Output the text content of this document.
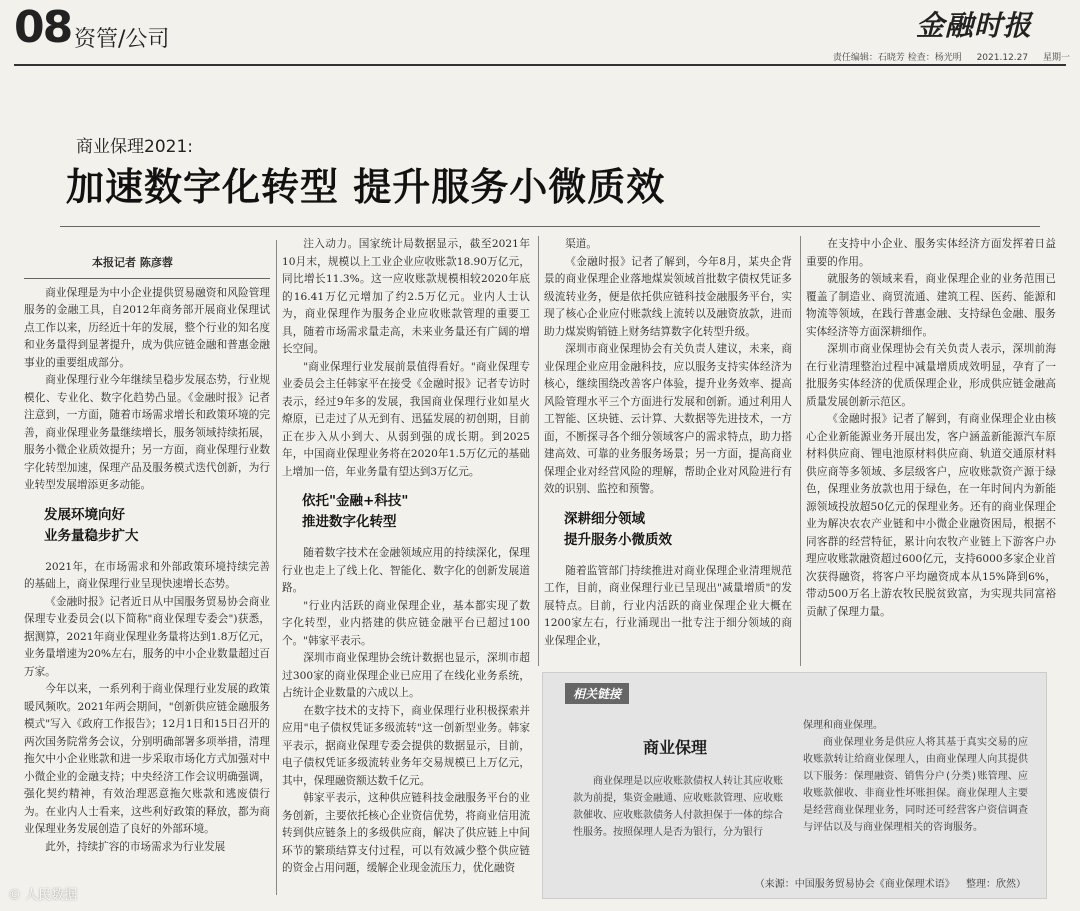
08 资管/公司	金融时报
责任编辑：石晓芳 检查：杨光明 2021.12.27 星期一
商业保理2021:
加速数字化转型 提升服务小微质效

本报记者 陈彦蓉

商业保理是为中小企业提供贸易融资和风险管理服务的金融工具，自2012年商务部开展商业保理试点工作以来，历经近十年的发展，整个行业的知名度和业务量得到显著提升，成为供应链金融和普惠金融事业的重要组成部分。

商业保理行业今年继续呈稳步发展态势，行业规模化、专业化、数字化趋势凸显。《金融时报》记者注意到，一方面，随着市场需求增长和政策环境的完善，商业保理业务量继续增长，服务领域持续拓展，服务小微企业质效提升；另一方面，商业保理行业数字化转型加速，保理产品及服务模式迭代创新，为行业转型发展增添更多动能。

发展环境向好
业务量稳步扩大

2021年，在市场需求和外部政策环境持续完善的基础上，商业保理行业呈现快速增长态势。

《金融时报》记者近日从中国服务贸易协会商业保理专业委员会(以下简称"商业保理专委会")获悉，据测算，2021年商业保理业务量将达到1.8万亿元，业务量增速为20%左右，服务的中小企业数量超过百万家。

今年以来，一系列利于商业保理行业发展的政策暖风频吹。2021年两会期间，"创新供应链金融服务模式"写入《政府工作报告》；12月1日和15日召开的两次国务院常务会议，分别明确部署多项举措，清理拖欠中小企业账款和进一步采取市场化方式加强对中小微企业的金融支持；中央经济工作会议明确强调，强化契约精神，有效治理恶意拖欠账款和逃废债行为。在业内人士看来，这些利好政策的释放，都为商业保理业务发展创造了良好的外部环境。

此外，持续扩容的市场需求为行业发展

注入动力。国家统计局数据显示，截至2021年10月末，规模以上工业企业应收账款18.90万亿元，同比增长11.3%。这一应收账款规模相较2020年底的16.41万亿元增加了约2.5万亿元。业内人士认为，商业保理作为服务企业应收账款管理的重要工具，随着市场需求量走高，未来业务量还有广阔的增长空间。

"商业保理行业发展前景值得看好。"商业保理专业委员会主任韩家平在接受《金融时报》记者专访时表示，经过9年多的发展，我国商业保理行业如星火燎原，已走过了从无到有、迅猛发展的初创期，目前正在步入从小到大、从弱到强的成长期。到2025年，中国商业保理业务将在2020年1.5万亿元的基础上增加一倍，年业务量有望达到3万亿元。

依托"金融+科技"
推进数字化转型

随着数字技术在金融领域应用的持续深化，保理行业也走上了线上化、智能化、数字化的创新发展道路。

"行业内活跃的商业保理企业，基本都实现了数字化转型，业内搭建的供应链金融平台已超过100个。"韩家平表示。

深圳市商业保理协会统计数据也显示，深圳市超过300家的商业保理企业已应用了在线化业务系统，占统计企业数量的六成以上。

在数字技术的支持下，商业保理行业积极探索并应用"电子债权凭证多级流转"这一创新型业务。韩家平表示，据商业保理专委会提供的数据显示，目前，电子债权凭证多级流转业务年交易规模已上万亿元，其中，保理融资额达数千亿元。

韩家平表示，这种供应链科技金融服务平台的业务创新，主要依托核心企业资信优势，将商业信用流转到供应链条上的多级供应商，解决了供应链上中间环节的繁琐结算支付过程，可以有效减少整个供应链的资金占用问题，缓解企业现金流压力，优化融资

渠道。

《金融时报》记者了解到，今年8月，某央企背景的商业保理企业落地煤炭领域首批数字债权凭证多级流转业务，便是依托供应链科技金融服务平台，实现了核心企业应付账款线上流转以及融资放款，进而助力煤炭购销链上财务结算数字化转型升级。

深圳市商业保理协会有关负责人建议，未来，商业保理企业应用金融科技，应以服务支持实体经济为核心，继续围绕改善客户体验，提升业务效率、提高风险管理水平三个方面进行发展和创新。通过利用人工智能、区块链、云计算、大数据等先进技术，一方面，不断探寻各个细分领域客户的需求特点，助力搭建高效、可靠的业务服务场景；另一方面，提高商业保理企业对经营风险的理解，帮助企业对风险进行有效的识别、监控和预警。

深耕细分领域
提升服务小微质效

随着监管部门持续推进对商业保理企业清理规范工作，目前，商业保理行业已呈现出"减量增质"的发展特点。目前，行业内活跃的商业保理企业大概在1200家左右，行业涌现出一批专注于细分领域的商业保理企业，

在支持中小企业、服务实体经济方面发挥着日益重要的作用。

就服务的领域来看，商业保理企业的业务范围已覆盖了制造业、商贸流通、建筑工程、医药、能源和物流等领域，在践行普惠金融、支持绿色金融、服务实体经济等方面深耕细作。

深圳市商业保理协会有关负责人表示，深圳前海在行业清理整治过程中减量增质成效明显，孕育了一批服务实体经济的优质保理企业，形成供应链金融高质量发展创新示范区。

《金融时报》记者了解到，有商业保理企业由核心企业新能源业务开展出发，客户涵盖新能源汽车原材料供应商、锂电池原材料供应商、轨道交通原材料供应商等多领域、多层级客户，应收账款资产源于绿色，保理业务放款也用于绿色，在一年时间内为新能源领域投放超50亿元的保理业务。还有的商业保理企业为解决农农产业链和中小微企业融资困局，根据不同客群的经营特征，累计向农牧产业链上下游客户办理应收账款融资超过600亿元，支持6000多家企业首次获得融资，将客户平均融资成本从15%降到6%，带动500万名上游农牧民脱贫致富，为实现共同富裕贡献了保理力量。

相关链接
商业保理

商业保理是以应收账款债权人转让其应收账款为前提，集资金融通、应收账款管理、应收账款催收、应收账款债务人付款担保于一体的综合性服务。按照保理人是否为银行，分为银行

保理和商业保理。

商业保理业务是供应人将其基于真实交易的应收账款转让给商业保理人，由商业保理人向其提供以下服务：保理融资、销售分户(分类)账管理、应收账款催收、非商业性坏账担保。商业保理人主要是经营商业保理业务，同时还可经营客户资信调查与评估以及与商业保理相关的咨询服务。

（来源：中国服务贸易协会《商业保理术语》 整理：欣然）
© 人民数据
